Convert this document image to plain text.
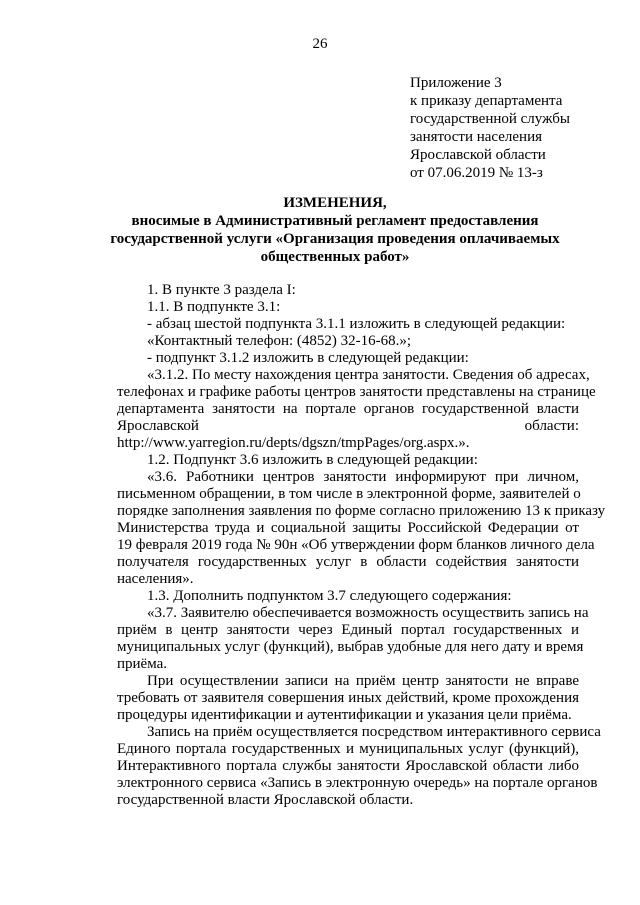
26
Приложение 3
к приказу департамента
государственной службы
занятости населения
Ярославской области
от 07.06.2019 № 13-з
ИЗМЕНЕНИЯ,
вносимые в Административный регламент предоставления
государственной услуги «Организация проведения оплачиваемых
общественных работ»
1. В пункте 3 раздела I:
1.1. В подпункте 3.1:
- абзац шестой подпункта 3.1.1 изложить в следующей редакции:
«Контактный телефон: (4852) 32-16-68.»;
- подпункт 3.1.2 изложить в следующей редакции:
«3.1.2. По месту нахождения центра занятости. Сведения об адресах,
телефонах и графике работы центров занятости представлены на странице
департамента занятости на портале органов государственной власти
Ярославской области:
http://www.yarregion.ru/depts/dgszn/tmpPages/org.aspx.».
1.2. Подпункт 3.6 изложить в следующей редакции:
«3.6. Работники центров занятости информируют при личном,
письменном обращении, в том числе в электронной форме, заявителей о
порядке заполнения заявления по форме согласно приложению 13 к приказу
Министерства труда и социальной защиты Российской Федерации от
19 февраля 2019 года № 90н «Об утверждении форм бланков личного дела
получателя государственных услуг в области содействия занятости
населения».
1.3. Дополнить подпунктом 3.7 следующего содержания:
«3.7. Заявителю обеспечивается возможность осуществить запись на
приём в центр занятости через Единый портал государственных и
муниципальных услуг (функций), выбрав удобные для него дату и время
приёма.
При осуществлении записи на приём центр занятости не вправе
требовать от заявителя совершения иных действий, кроме прохождения
процедуры идентификации и аутентификации и указания цели приёма.
Запись на приём осуществляется посредством интерактивного сервиса
Единого портала государственных и муниципальных услуг (функций),
Интерактивного портала службы занятости Ярославской области либо
электронного сервиса «Запись в электронную очередь» на портале органов
государственной власти Ярославской области.
